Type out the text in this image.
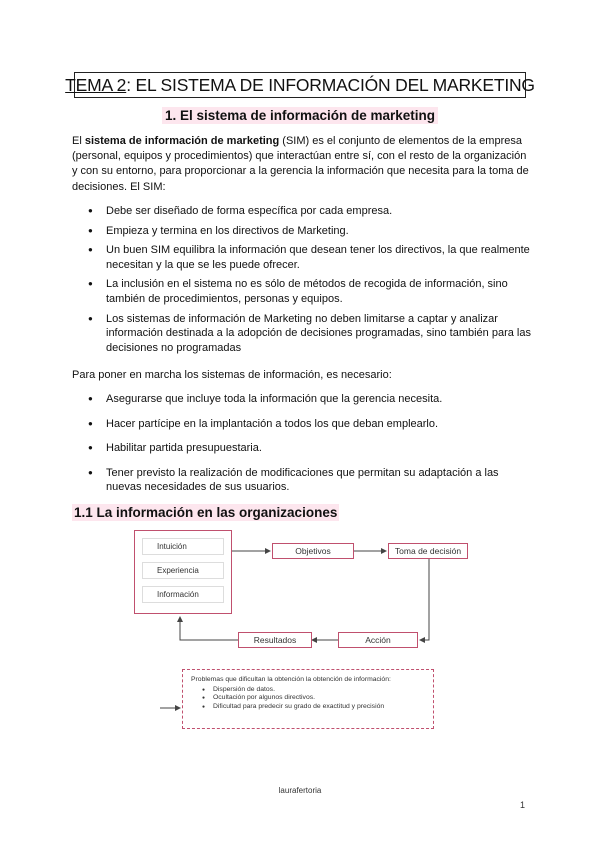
TEMA 2 : EL SISTEMA DE INFORMACIÓN DEL MARKETING
1. El sistema de información de marketing
El sistema de información de marketing (SIM) es el conjunto de elementos de la empresa (personal, equipos y procedimientos) que interactúan entre sí, con el resto de la organización y con su entorno, para proporcionar a la gerencia la información que necesita para la toma de decisiones. El SIM:
● Debe ser diseñado de forma específica por cada empresa.
● Empieza y termina en los directivos de Marketing.
● Un buen SIM equilibra la información que desean tener los directivos, la que realmente necesitan y la que se les puede ofrecer.
● La inclusión en el sistema no es sólo de métodos de recogida de información, sino también de procedimientos, personas y equipos.
● Los sistemas de información de Marketing no deben limitarse a captar y analizar información destinada a la adopción de decisiones programadas, sino también para las decisiones no programadas
Para poner en marcha los sistemas de información, es necesario:
● Asegurarse que incluye toda la información que la gerencia necesita.
● Hacer partícipe en la implantación a todos los que deban emplearlo.
● Habilitar partida presupuestaria.
● Tener previsto la realización de modificaciones que permitan su adaptación a las nuevas necesidades de sus usuarios.
1.1 La información en las organizaciones
Intuición
Experiencia
Información
Objetivos	Toma de decisión
Acción
Resultados
Problemas que dificultan la obtención la obtención de información:
● Dispersión de datos.
● Ocultación por algunos directivos.
● Dificultad para predecir su grado de exactitud y precisión
laurafertoria
1
